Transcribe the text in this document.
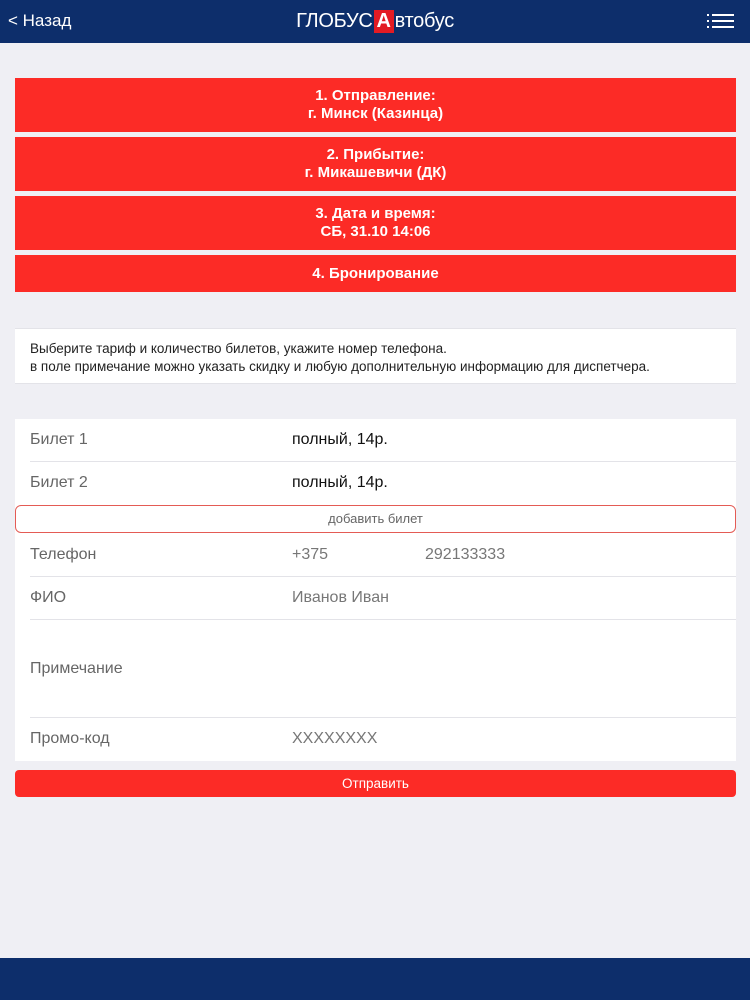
< Назад	ГЛОБУС А втобус
1. Отправление:
г. Минск (Казинца)
2. Прибытие:
г. Микашевичи (ДК)
3. Дата и время:
СБ, 31.10 14:06
4. Бронирование
Выберите тариф и количество билетов, укажите номер телефона.
в поле примечание можно указать скидку и любую дополнительную информацию для диспетчера.
Билет 1	полный, 14р.
Билет 2	полный, 14р.
добавить билет
Телефон	+375	292133333
ФИО	Иванов Иван
Примечание
Промо-код	XXXXXXXX
Отправить
